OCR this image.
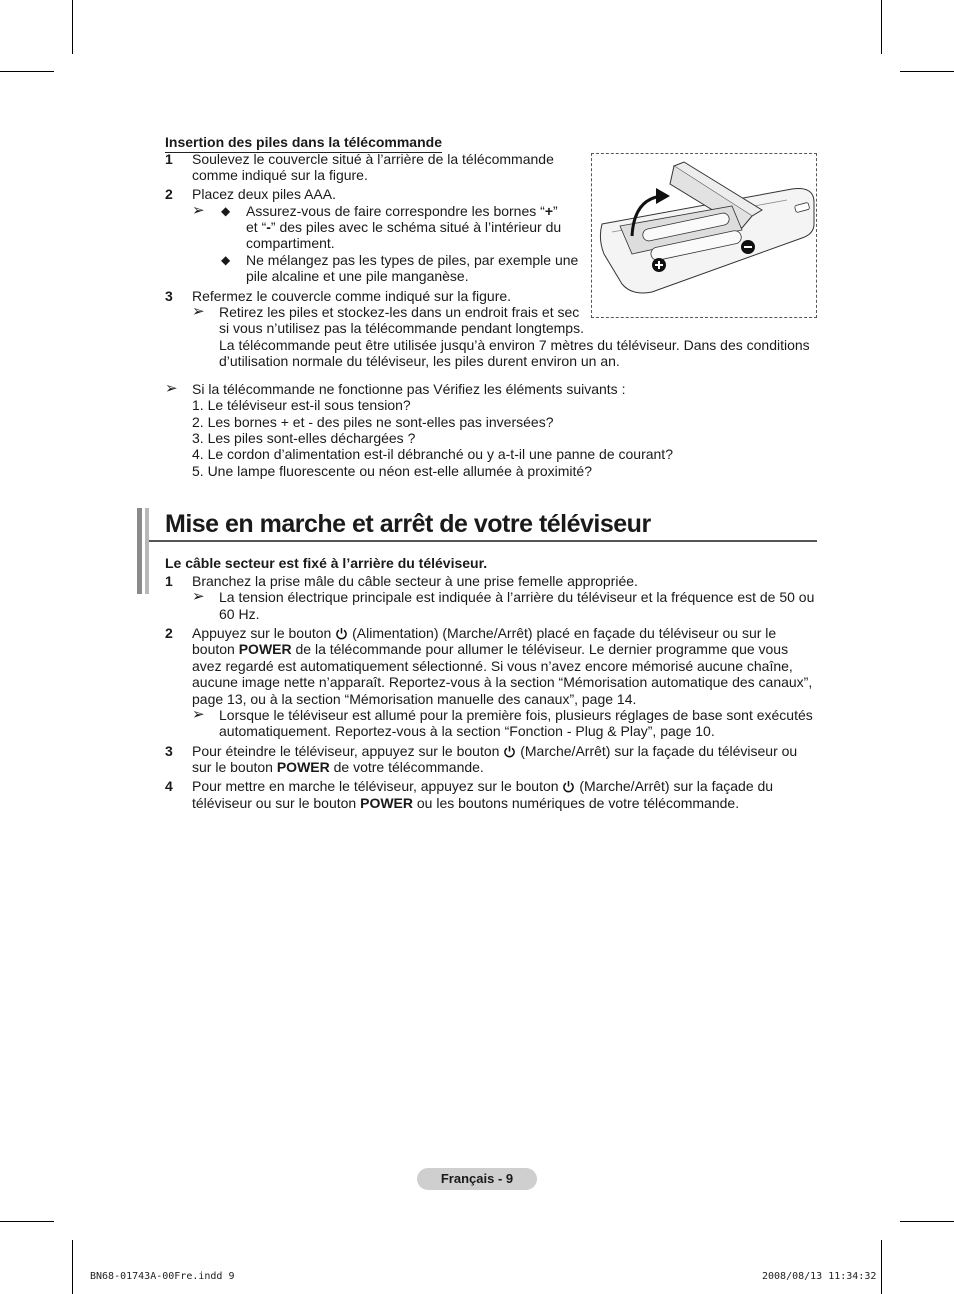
Insertion des piles dans la télécommande
1 Soulevez le couvercle situé à l’arrière de la télécommande
comme indiqué sur la figure.
2 Placez deux piles AAA.
➢ ◆ Assurez-vous de faire correspondre les bornes “+”
et “-” des piles avec le schéma situé à l’intérieur du
compartiment.
◆ Ne mélangez pas les types de piles, par exemple une
pile alcaline et une pile manganèse.
3 Refermez le couvercle comme indiqué sur la figure.
➢ Retirez les piles et stockez-les dans un endroit frais et sec
si vous n’utilisez pas la télécommande pendant longtemps.
La télécommande peut être utilisée jusqu’à environ 7 mètres du téléviseur. Dans des conditions
d’utilisation normale du téléviseur, les piles durent environ un an.
➢ Si la télécommande ne fonctionne pas Vérifiez les éléments suivants :
1. Le téléviseur est-il sous tension?
2. Les bornes + et - des piles ne sont-elles pas inversées?
3. Les piles sont-elles déchargées ?
4. Le cordon d’alimentation est-il débranché ou y a-t-il une panne de courant?
5. Une lampe fluorescente ou néon est-elle allumée à proximité?
Mise en marche et arrêt de votre téléviseur
Le câble secteur est fixé à l’arrière du téléviseur.
1 Branchez la prise mâle du câble secteur à une prise femelle appropriée.
➢ La tension électrique principale est indiquée à l’arrière du téléviseur et la fréquence est de 50 ou
60 Hz.
2 Appuyez sur le bouton (Alimentation) (Marche/Arrêt) placé en façade du téléviseur ou sur le
bouton POWER de la télécommande pour allumer le téléviseur. Le dernier programme que vous
avez regardé est automatiquement sélectionné. Si vous n’avez encore mémorisé aucune chaîne,
aucune image nette n’apparaît. Reportez-vous à la section “Mémorisation automatique des canaux”,
page 13, ou à la section “Mémorisation manuelle des canaux”, page 14.
➢ Lorsque le téléviseur est allumé pour la première fois, plusieurs réglages de base sont exécutés
automatiquement. Reportez-vous à la section “Fonction - Plug & Play”, page 10.
3 Pour éteindre le téléviseur, appuyez sur le bouton (Marche/Arrêt) sur la façade du téléviseur ou
sur le bouton POWER de votre télécommande.
4 Pour mettre en marche le téléviseur, appuyez sur le bouton (Marche/Arrêt) sur la façade du
téléviseur ou sur le bouton POWER ou les boutons numériques de votre télécommande.
Français - 9
BN68-01743A-00Fre.indd 9	2008/08/13 11:34:32
